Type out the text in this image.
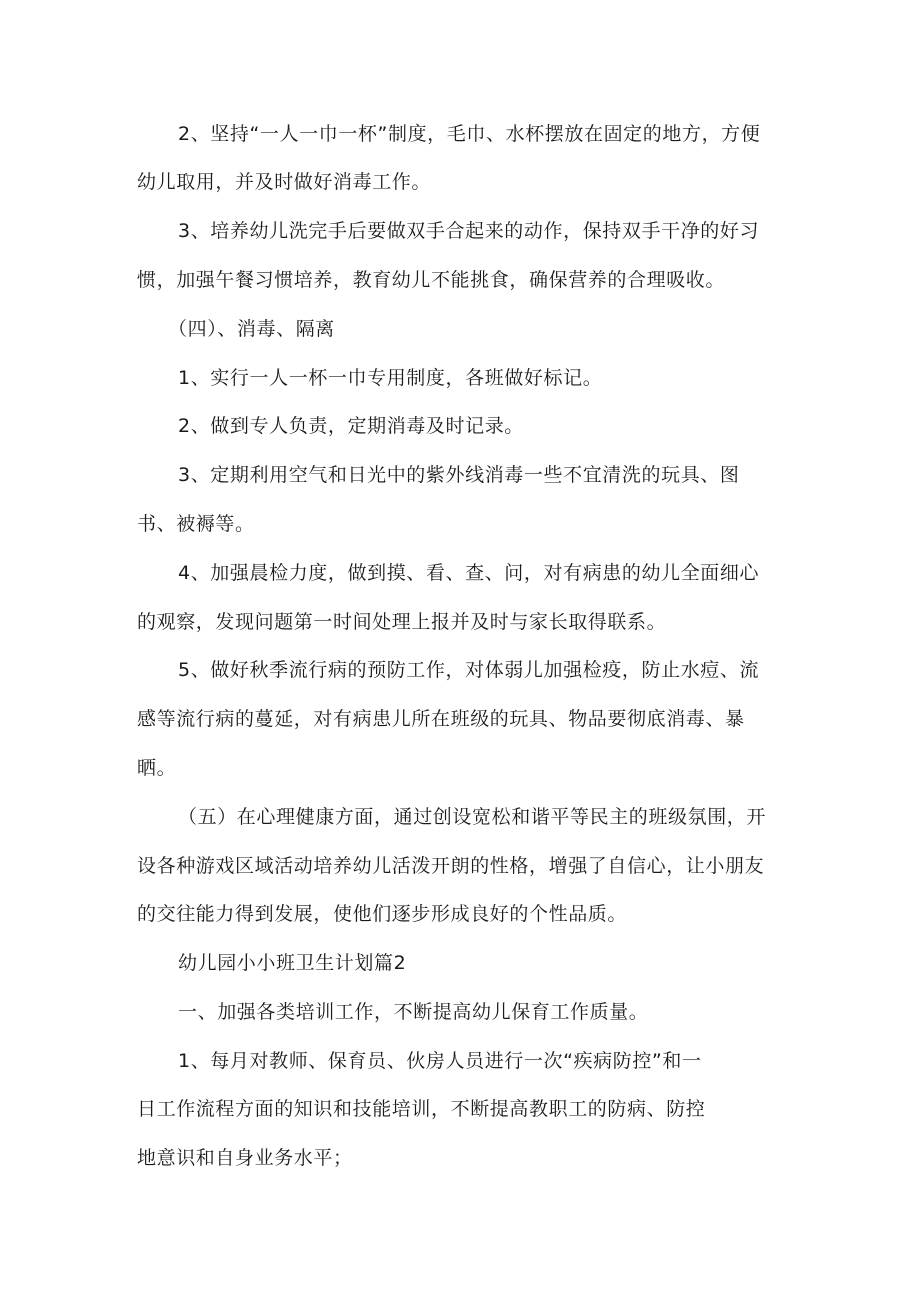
2、坚持“一人一巾一杯”制度，毛巾、水杯摆放在固定的地方，方便
幼儿取用，并及时做好消毒工作。
3、培养幼儿洗完手后要做双手合起来的动作，保持双手干净的好习
惯，加强午餐习惯培养，教育幼儿不能挑食，确保营养的合理吸收。
（四）、消毒、隔离
1、实行一人一杯一巾专用制度，各班做好标记。
2、做到专人负责，定期消毒及时记录。
3、定期利用空气和日光中的紫外线消毒一些不宜清洗的玩具、图
书、被褥等。
4、加强晨检力度，做到摸、看、查、问，对有病患的幼儿全面细心
的观察，发现问题第一时间处理上报并及时与家长取得联系。
5、做好秋季流行病的预防工作，对体弱儿加强检疫，防止水痘、流
感等流行病的蔓延，对有病患儿所在班级的玩具、物品要彻底消毒、暴
晒。
（五）在心理健康方面，通过创设宽松和谐平等民主的班级氛围，开
设各种游戏区域活动培养幼儿活泼开朗的性格，增强了自信心，让小朋友
的交往能力得到发展，使他们逐步形成良好的个性品质。
幼儿园小小班卫生计划篇2
一、加强各类培训工作，不断提高幼儿保育工作质量。
1、每月对教师、保育员、伙房人员进行一次“疾病防控”和一
日工作流程方面的知识和技能培训，不断提高教职工的防病、防控
地意识和自身业务水平；
